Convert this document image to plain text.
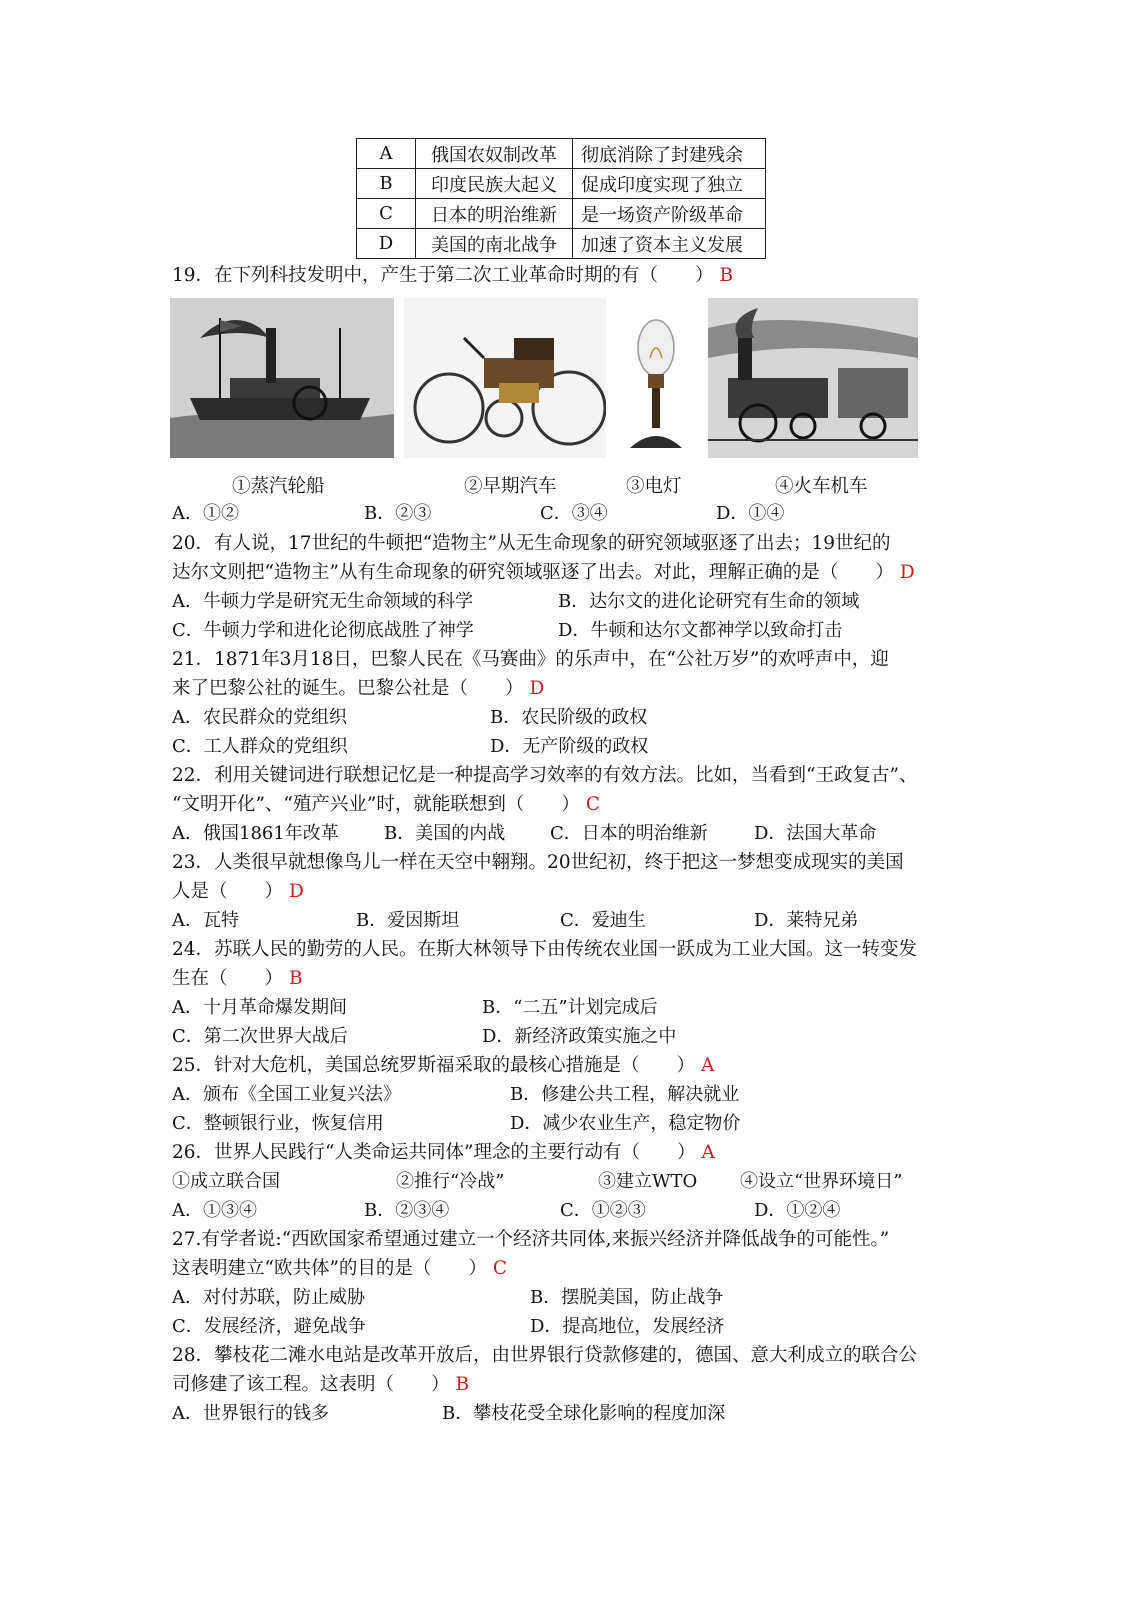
A	俄国农奴制改革	彻底消除了封建残余
B	印度民族大起义	促成印度实现了独立
C	日本的明治维新	是一场资产阶级革命
D	美国的南北战争	加速了资本主义发展
19．在下列科技发明中，产生于第二次工业革命时期的有（　　） B
①蒸汽轮船	②早期汽车	③电灯	④火车机车
A．①②	B．②③	C．③④	D．①④
20．有人说，17世纪的牛顿把“造物主”从无生命现象的研究领域驱逐了出去；19世纪的
达尔文则把“造物主”从有生命现象的研究领域驱逐了出去。对此，理解正确的是（　　） D
A．牛顿力学是研究无生命领域的科学	B．达尔文的进化论研究有生命的领域
C．牛顿力学和进化论彻底战胜了神学	D．牛顿和达尔文都神学以致命打击
21．1871年3月18日，巴黎人民在《马赛曲》的乐声中，在“公社万岁”的欢呼声中，迎
来了巴黎公社的诞生。巴黎公社是（　　） D
A．农民群众的党组织	B．农民阶级的政权
C．工人群众的党组织	D．无产阶级的政权
22．利用关键词进行联想记忆是一种提高学习效率的有效方法。比如，当看到“王政复古”、
“文明开化”、“殖产兴业”时，就能联想到（　　） C
A．俄国1861年改革	B．美国的内战 C．日本的明治维新	D．法国大革命
23．人类很早就想像鸟儿一样在天空中翱翔。20世纪初，终于把这一梦想变成现实的美国
人是（　　） D
A．瓦特	B．爱因斯坦	C．爱迪生	D．莱特兄弟
24．苏联人民的勤劳的人民。在斯大林领导下由传统农业国一跃成为工业大国。这一转变发
生在（　　） B
A．十月革命爆发期间	B．“二五”计划完成后
C．第二次世界大战后	D．新经济政策实施之中
25．针对大危机，美国总统罗斯福采取的最核心措施是（　　） A
A．颁布《全国工业复兴法》	B．修建公共工程，解决就业
C．整顿银行业，恢复信用	D．减少农业生产，稳定物价
26．世界人民践行“人类命运共同体”理念的主要行动有（　　） A
①成立联合国	②推行“冷战”	③建立WTO ④设立“世界环境日”
A．①③④	B．②③④	C．①②③	D．①②④
27.有学者说:“西欧国家希望通过建立一个经济共同体,来振兴经济并降低战争的可能性。”
这表明建立“欧共体”的目的是（　　） C
A．对付苏联，防止威胁	B．摆脱美国，防止战争
C．发展经济，避免战争	D．提高地位，发展经济
28．攀枝花二滩水电站是改革开放后，由世界银行贷款修建的，德国、意大利成立的联合公
司修建了该工程。这表明（　　） B
A．世界银行的钱多	B．攀枝花受全球化影响的程度加深
